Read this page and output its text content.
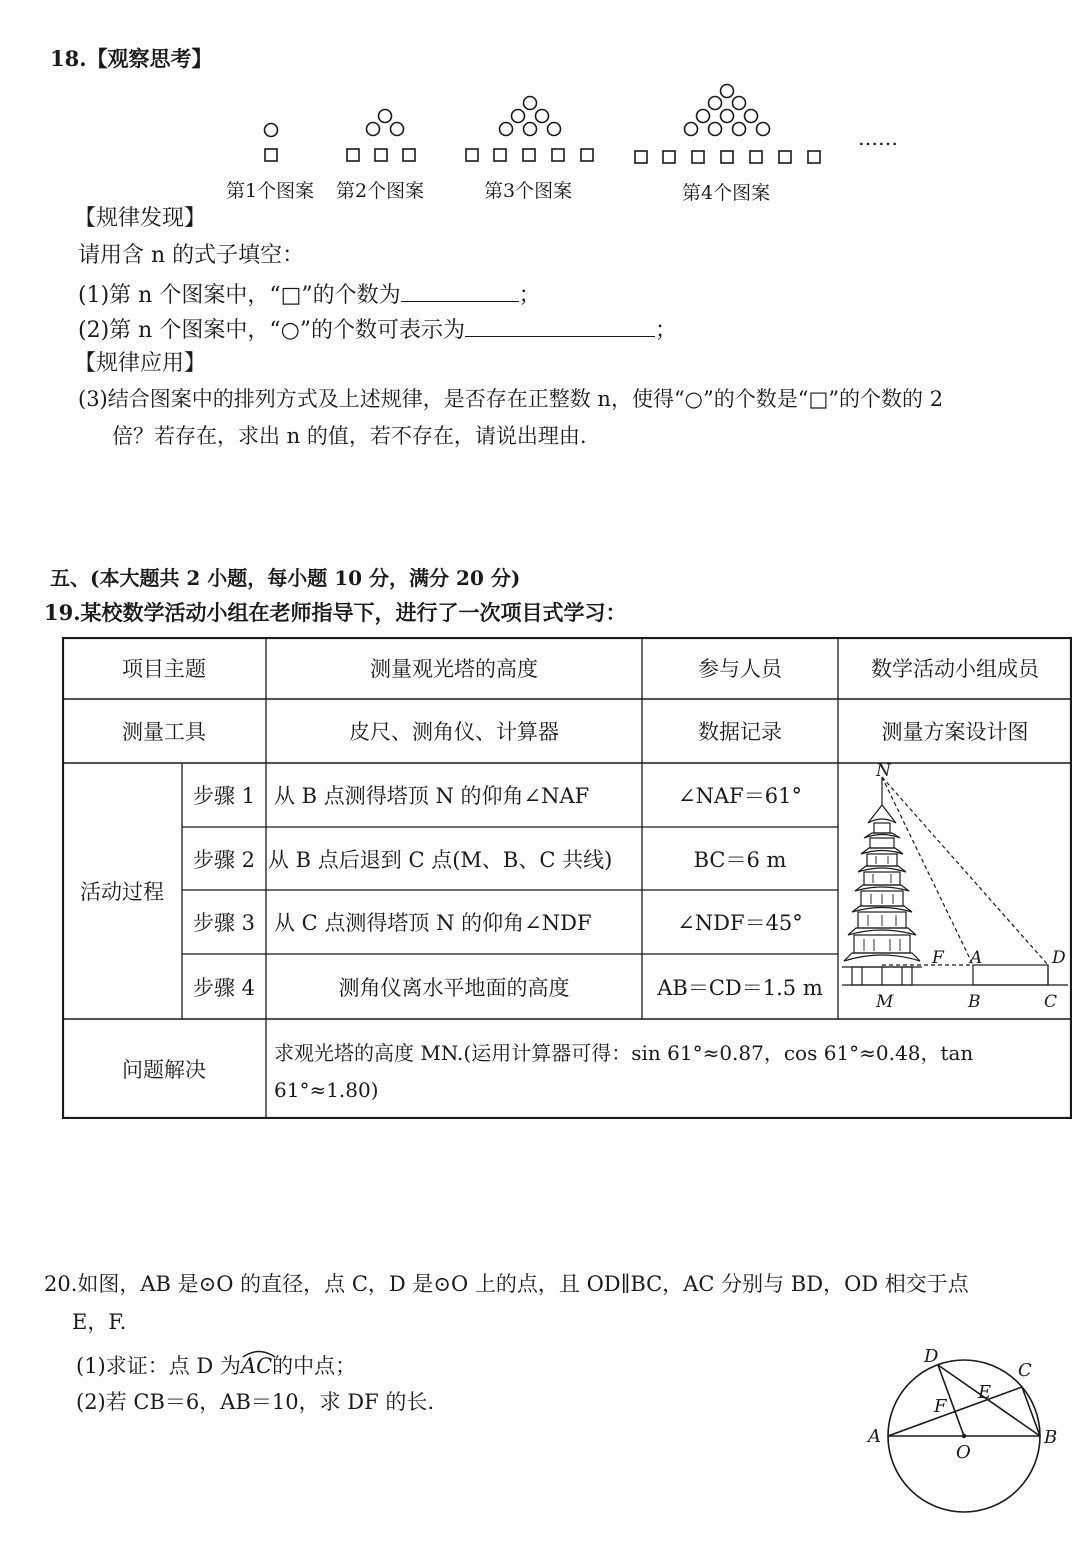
18.【观察思考】
……
第1个图案 第2个图案	第3个图案	第4个图案
【规律发现】
请用含 n 的式子填空：
(1)第 n 个图案中，“□”的个数为	；
(2)第 n 个图案中，“○”的个数可表示为	；
【规律应用】
(3)结合图案中的排列方式及上述规律，是否存在正整数 n，使得“○”的个数是“□”的个数的 2
倍？若存在，求出 n 的值，若不存在，请说出理由.
五、(本大题共 2 小题，每小题 10 分，满分 20 分)
19.某校数学活动小组在老师指导下，进行了一次项目式学习：
项目主题	测量观光塔的高度	参与人员	数学活动小组成员
测量工具	皮尺、测角仪、计算器	数据记录	测量方案设计图
活动过程
步骤 1 从 B 点测得塔顶 N 的仰角∠NAF	∠NAF＝61°
步骤 2 从 B 点后退到 C 点(M、B、C 共线)	BC＝6 m
步骤 3 从 C 点测得塔顶 N 的仰角∠NDF	∠NDF＝45°
步骤 4	测角仪离水平地面的高度	AB＝CD＝1.5 m
N
F A	D
M	B	C
问题解决
求观光塔的高度 MN.(运用计算器可得：sin 61°≈0.87，cos 61°≈0.48，tan 61°≈1.80)
20.如图，AB 是⊙O 的直径，点 C，D 是⊙O 上的点，且 OD∥BC，AC 分别与 BD，OD 相交于点
E，F.
(1)求证：点 D 为
AC的中点；
(2)若 CB＝6，AB＝10，求 DF 的长.
D
C
E
F
A
O
B
